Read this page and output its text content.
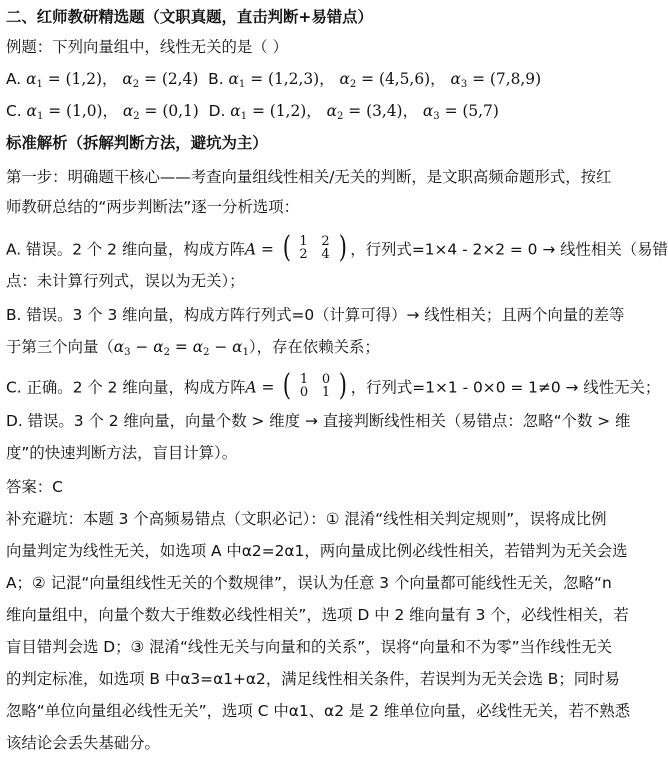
二、红师教研精选题（文职真题，直击判断+易错点）
例题：下列向量组中，线性无关的是（ ）
A. $\alpha_1 = (1,2)$， $\alpha_2 = (2,4)$ B. $\alpha_1 = (1,2,3)$， $\alpha_2 = (4,5,6)$， $\alpha_3 = (7,8,9)$
C. $\alpha_1 = (1,0)$， $\alpha_2 = (0,1)$ D. $\alpha_1 = (1,2)$， $\alpha_2 = (3,4)$， $\alpha_3 = (5,7)$
标准解析（拆解判断方法，避坑为主）
第一步：明确题干核心——考查向量组线性相关/无关的判断，是文职高频命题形式，按红
师教研总结的“两步判断法”逐一分析选项：
A. 错误。2 个 2 维向量，构成方阵A = ( 1 2
2 4 ) ，行列式=1×4 - 2×2 = 0 → 线性相关（易错
点：未计算行列式，误以为无关）；
B. 错误。3 个 3 维向量，构成方阵行列式=0（计算可得）→ 线性相关；且两个向量的差等
于第三个向量$(\alpha_3 - \alpha_2 = \alpha_2 - \alpha_1)$，存在依赖关系；
C. 正确。2 个 2 维向量，构成方阵A = ( 1 0
0 1 ) ，行列式=1×1 - 0×0 = 1≠0 → 线性无关；
D. 错误。3 个 2 维向量，向量个数 > 维度 → 直接判断线性相关（易错点：忽略“个数 > 维
度”的快速判断方法，盲目计算）。
答案：C
补充避坑：本题 3 个高频易错点（文职必记）：① 混淆“线性相关判定规则”，误将成比例
向量判定为线性无关，如选项 A 中α2=2α1，两向量成比例必线性相关，若错判为无关会选
A；② 记混“向量组线性无关的个数规律”，误认为任意 3 个向量都可能线性无关，忽略“n
维向量组中，向量个数大于维数必线性相关”，选项 D 中 2 维向量有 3 个，必线性相关，若
盲目错判会选 D；③ 混淆“线性无关与向量和的关系”，误将“向量和不为零”当作线性无关
的判定标准，如选项 B 中α3=α1+α2，满足线性相关条件，若误判为无关会选 B；同时易
忽略“单位向量组必线性无关”，选项 C 中α1、α2 是 2 维单位向量，必线性无关，若不熟悉
该结论会丢失基础分。
